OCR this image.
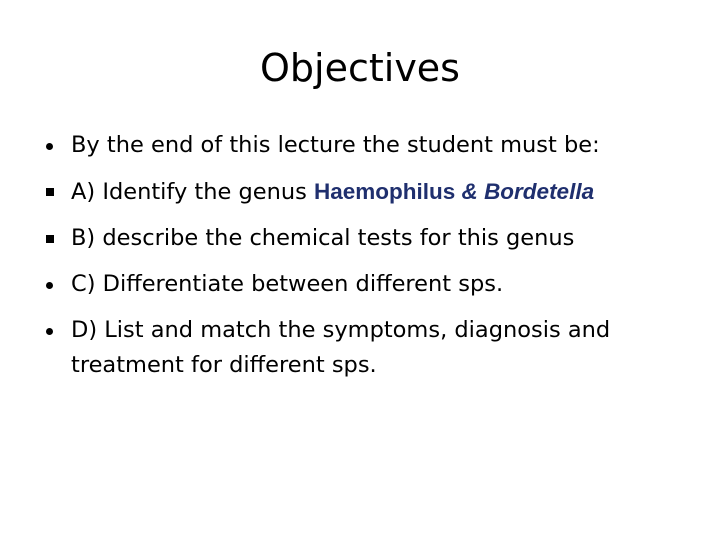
Objectives
By the end of this lecture the student must be:
A) Identify the genus Haemophilus & Bordetella
B) describe the chemical tests for this genus
C) Differentiate between different sps.
D) List and match the symptoms, diagnosis and treatment for different sps.
